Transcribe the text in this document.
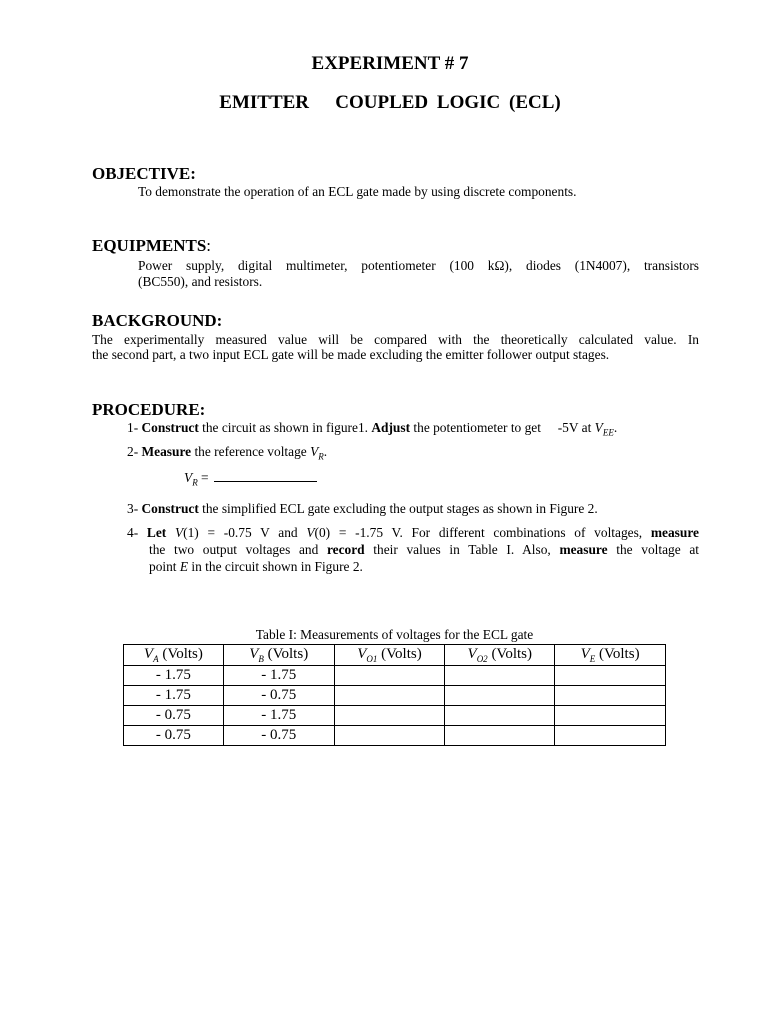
EXPERIMENT # 7
EMITTER   COUPLED LOGIC (ECL)
OBJECTIVE:
To demonstrate the operation of an ECL gate made by using discrete components.
EQUIPMENTS:
Power supply, digital multimeter, potentiometer (100 kΩ), diodes (1N4007), transistors
(BC550), and resistors.
BACKGROUND:
The experimentally measured value will be compared with the theoretically calculated value. In
the second part, a two input ECL gate will be made excluding the emitter follower output stages.
PROCEDURE:
1- Construct the circuit as shown in figure1. Adjust the potentiometer to get     -5V at $V_{EE}$.
2- Measure the reference voltage $V_R$.
$V_R$ =
3- Construct the simplified ECL gate excluding the output stages as shown in Figure 2.
4- Let V(1) = -0.75 V and V(0) = -1.75 V. For different combinations of voltages, measure
the two output voltages and record their values in Table I. Also, measure the voltage at
point E in the circuit shown in Figure 2.
Table I: Measurements of voltages for the ECL gate
$V_A$ (Volts)	$V_B$ (Volts)	$V_{O1}$ (Volts)	$V_{O2}$ (Volts)	$V_E$ (Volts)
- 1.75	- 1.75			
- 1.75	- 0.75			
- 0.75	- 1.75			
- 0.75	- 0.75			
